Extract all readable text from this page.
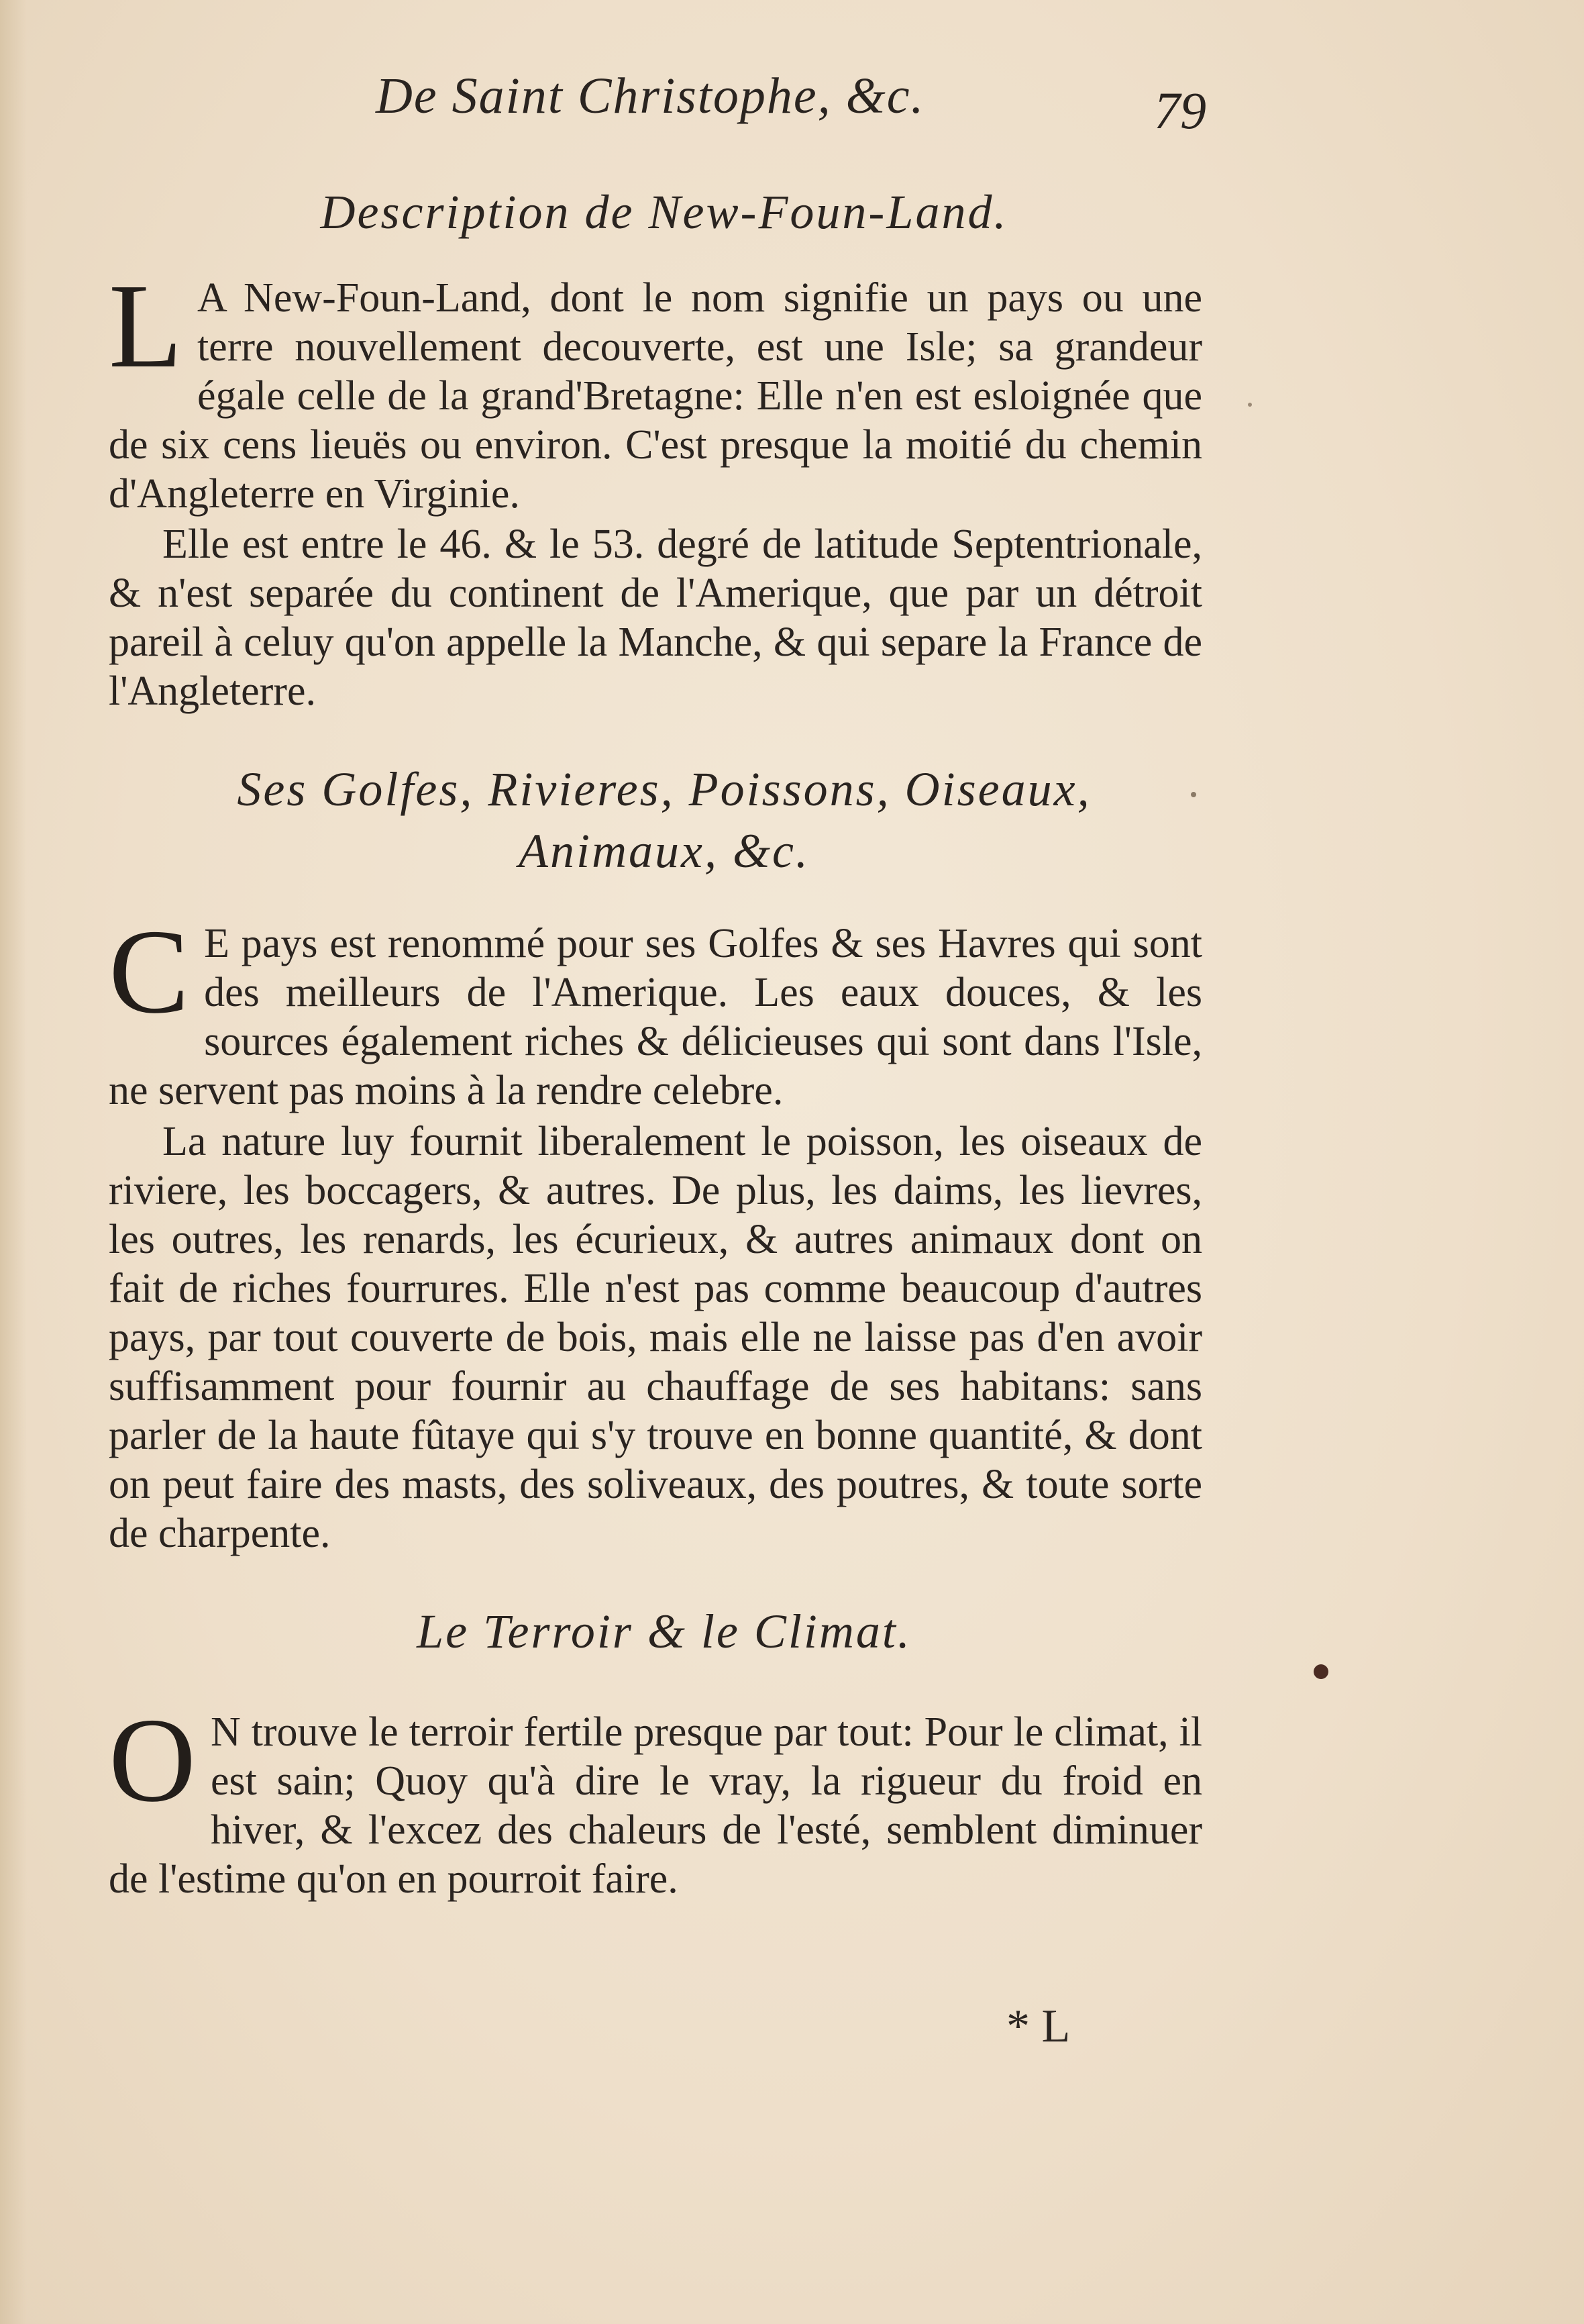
De Saint Christophe, &c.	79
Description de New-Foun-Land.
L A New-Foun-Land, dont le nom signifie un pays ou une terre nouvellement decouverte, est une Isle; sa grandeur égale celle de la grand'Bretagne: Elle n'en est esloignée que de six cens lieuës ou environ. C'est presque la moitié du chemin d'Angleterre en Virginie.
Elle est entre le 46. & le 53. degré de latitude Septentrionale, & n'est separée du continent de l'Amerique, que par un détroit pareil à celuy qu'on appelle la Manche, & qui separe la France de l'Angleterre.
Ses Golfes, Rivieres, Poissons, Oiseaux,
Animaux, &c.
C E pays est renommé pour ses Golfes & ses Havres qui sont des meilleurs de l'Amerique. Les eaux douces, & les sources également riches & délicieuses qui sont dans l'Isle, ne servent pas moins à la rendre celebre.
La nature luy fournit liberalement le poisson, les oiseaux de riviere, les boccagers, & autres. De plus, les daims, les lievres, les outres, les renards, les écurieux, & autres animaux dont on fait de riches fourrures. Elle n'est pas comme beaucoup d'autres pays, par tout couverte de bois, mais elle ne laisse pas d'en avoir suffisamment pour fournir au chauffage de ses habitans: sans parler de la haute fûtaye qui s'y trouve en bonne quantité, & dont on peut faire des masts, des soliveaux, des poutres, & toute sorte de charpente.
Le Terroir & le Climat.
O N trouve le terroir fertile presque par tout: Pour le climat, il est sain; Quoy qu'à dire le vray, la rigueur du froid en hiver, & l'excez des chaleurs de l'esté, semblent diminuer de l'estime qu'on en pourroit faire.
* L
